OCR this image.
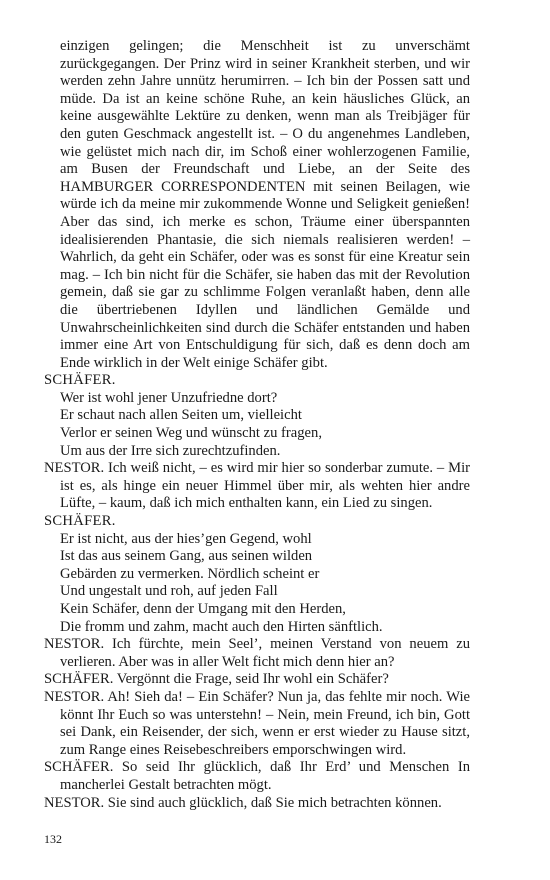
einzigen gelingen; die Menschheit ist zu unverschämt zurückgegangen. Der Prinz wird in seiner Krankheit sterben, und wir werden zehn Jahre unnütz herumirren. – Ich bin der Possen satt und müde. Da ist an keine schöne Ruhe, an kein häusliches Glück, an keine ausgewählte Lektüre zu denken, wenn man als Treibjäger für den guten Geschmack angestellt ist. – O du angenehmes Landleben, wie gelüstet mich nach dir, im Schoß einer wohlerzogenen Familie, am Busen der Freundschaft und Liebe, an der Seite des HAMBURGER CORRESPONDENTEN mit seinen Beilagen, wie würde ich da meine mir zukommende Wonne und Seligkeit genießen! Aber das sind, ich merke es schon, Träume einer überspannten idealisierenden Phantasie, die sich niemals realisieren werden! – Wahrlich, da geht ein Schäfer, oder was es sonst für eine Kreatur sein mag. – Ich bin nicht für die Schäfer, sie haben das mit der Revolution gemein, daß sie gar zu schlimme Folgen veranlaßt haben, denn alle die übertriebenen Idyllen und ländlichen Gemälde und Unwahrscheinlichkeiten sind durch die Schäfer entstanden und haben immer eine Art von Entschuldigung für sich, daß es denn doch am Ende wirklich in der Welt einige Schäfer gibt.

SCHÄFER.

Wer ist wohl jener Unzufriedne dort?
Er schaut nach allen Seiten um, vielleicht
Verlor er seinen Weg und wünscht zu fragen,
Um aus der Irre sich zurechtzufinden.

NESTOR. Ich weiß nicht, – es wird mir hier so sonderbar zumute. – Mir ist es, als hinge ein neuer Himmel über mir, als wehten hier andre Lüfte, – kaum, daß ich mich enthalten kann, ein Lied zu singen.

SCHÄFER.

Er ist nicht, aus der hies’gen Gegend, wohl
Ist das aus seinem Gang, aus seinen wilden
Gebärden zu vermerken. Nördlich scheint er
Und ungestalt und roh, auf jeden Fall
Kein Schäfer, denn der Umgang mit den Herden,
Die fromm und zahm, macht auch den Hirten sänftlich.

NESTOR. Ich fürchte, mein Seel’, meinen Verstand von neuem zu verlieren. Aber was in aller Welt ficht mich denn hier an?

SCHÄFER. Vergönnt die Frage, seid Ihr wohl ein Schäfer?

NESTOR. Ah! Sieh da! – Ein Schäfer? Nun ja, das fehlte mir noch. Wie könnt Ihr Euch so was unterstehn! – Nein, mein Freund, ich bin, Gott sei Dank, ein Reisender, der sich, wenn er erst wieder zu Hause sitzt, zum Range eines Reisebeschreibers emporschwingen wird.

SCHÄFER. So seid Ihr glücklich, daß Ihr Erd’ und Menschen In mancherlei Gestalt betrachten mögt.

NESTOR. Sie sind auch glücklich, daß Sie mich betrachten können.

132
